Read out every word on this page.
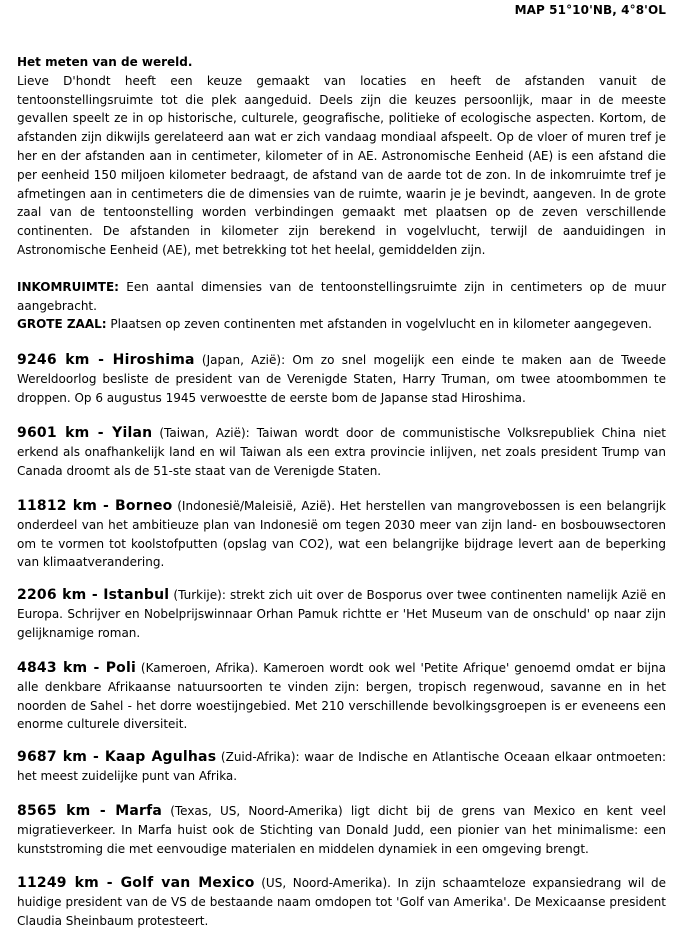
MAP 51°10'NB, 4°8'OL
Het meten van de wereld.
Lieve D'hondt heeft een keuze gemaakt van locaties en heeft de afstanden vanuit de tentoonstellingsruimte tot die plek aangeduid. Deels zijn die keuzes persoonlijk, maar in de meeste gevallen speelt ze in op historische, culturele, geografische, politieke of ecologische aspecten. Kortom, de afstanden zijn dikwijls gerelateerd aan wat er zich vandaag mondiaal afspeelt. Op de vloer of muren tref je her en der afstanden aan in centimeter, kilometer of in AE. Astronomische Eenheid (AE) is een afstand die per eenheid 150 miljoen kilometer bedraagt, de afstand van de aarde tot de zon. In de inkomruimte tref je afmetingen aan in centimeters die de dimensies van de ruimte, waarin je je bevindt, aangeven. In de grote zaal van de tentoonstelling worden verbindingen gemaakt met plaatsen op de zeven verschillende continenten. De afstanden in kilometer zijn berekend in vogelvlucht, terwijl de aanduidingen in Astronomische Eenheid (AE), met betrekking tot het heelal, gemiddelden zijn.
INKOMRUIMTE: Een aantal dimensies van de tentoonstellingsruimte zijn in centimeters op de muur aangebracht.
GROTE ZAAL: Plaatsen op zeven continenten met afstanden in vogelvlucht en in kilometer aangegeven.
9246 km - Hiroshima (Japan, Azië): Om zo snel mogelijk een einde te maken aan de Tweede Wereldoorlog besliste de president van de Verenigde Staten, Harry Truman, om twee atoombommen te droppen. Op 6 augustus 1945 verwoestte de eerste bom de Japanse stad Hiroshima.
9601 km - Yilan (Taiwan, Azië): Taiwan wordt door de communistische Volksrepubliek China niet erkend als onafhankelijk land en wil Taiwan als een extra provincie inlijven, net zoals president Trump van Canada droomt als de 51-ste staat van de Verenigde Staten.
11812 km - Borneo (Indonesië/Maleisië, Azië). Het herstellen van mangrovebossen is een belangrijk onderdeel van het ambitieuze plan van Indonesië om tegen 2030 meer van zijn land- en bosbouwsectoren om te vormen tot koolstofputten (opslag van CO2), wat een belangrijke bijdrage levert aan de beperking van klimaatverandering.
2206 km - Istanbul (Turkije): strekt zich uit over de Bosporus over twee continenten namelijk Azië en Europa. Schrijver en Nobelprijswinnaar Orhan Pamuk richtte er 'Het Museum van de onschuld' op naar zijn gelijknamige roman.
4843 km - Poli (Kameroen, Afrika). Kameroen wordt ook wel 'Petite Afrique' genoemd omdat er bijna alle denkbare Afrikaanse natuursoorten te vinden zijn: bergen, tropisch regenwoud, savanne en in het noorden de Sahel - het dorre woestijngebied. Met 210 verschillende bevolkingsgroepen is er eveneens een enorme culturele diversiteit.
9687 km - Kaap Agulhas (Zuid-Afrika): waar de Indische en Atlantische Oceaan elkaar ontmoeten: het meest zuidelijke punt van Afrika.
8565 km - Marfa (Texas, US, Noord-Amerika) ligt dicht bij de grens van Mexico en kent veel migratieverkeer. In Marfa huist ook de Stichting van Donald Judd, een pionier van het minimalisme: een kunststroming die met eenvoudige materialen en middelen dynamiek in een omgeving brengt.
11249 km - Golf van Mexico (US, Noord-Amerika). In zijn schaamteloze expansiedrang wil de huidige president van de VS de bestaande naam omdopen tot 'Golf van Amerika'. De Mexicaanse president Claudia Sheinbaum protesteert.
